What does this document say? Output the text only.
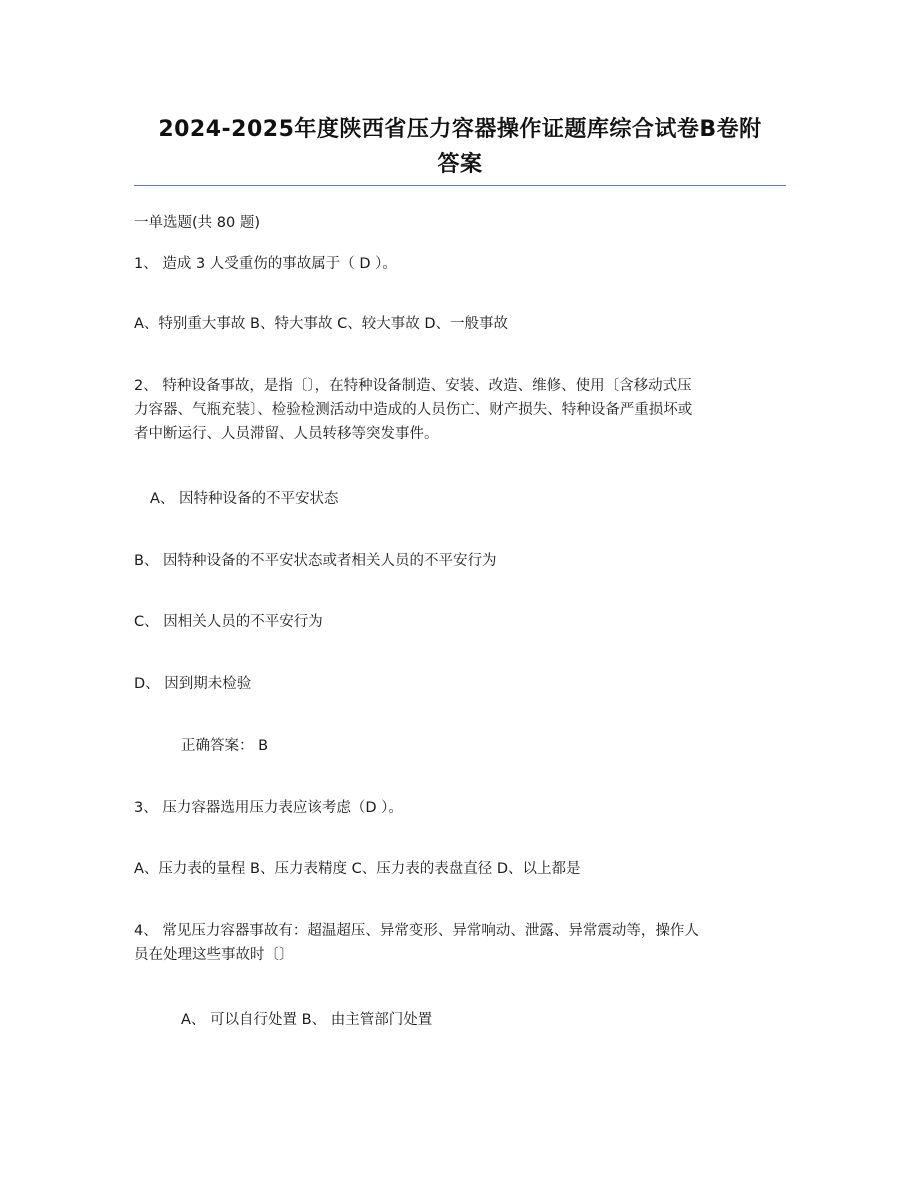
2024-2025年度陕西省压力容器操作证题库综合试卷B卷附
答案
一单选题(共 80 题)
1、 造成 3 人受重伤的事故属于（ D ）。
A、特别重大事故 B、特大事故 C、较大事故 D、一般事故
2、 特种设备事故，是指〔〕，在特种设备制造、安装、改造、维修、使用〔含移动式压
力容器、气瓶充装〕、检验检测活动中造成的人员伤亡、财产损失、特种设备严重损坏或
者中断运行、人员滞留、人员转移等突发事件。
A、 因特种设备的不平安状态
B、 因特种设备的不平安状态或者相关人员的不平安行为
C、 因相关人员的不平安行为
D、 因到期未检验
正确答案： B
3、 压力容器选用压力表应该考虑（D ）。
A、压力表的量程 B、压力表精度 C、压力表的表盘直径 D、以上都是
4、 常见压力容器事故有：超温超压、异常变形、异常响动、泄露、异常震动等，操作人
员在处理这些事故时〔〕
A、 可以自行处置 B、 由主管部门处置
